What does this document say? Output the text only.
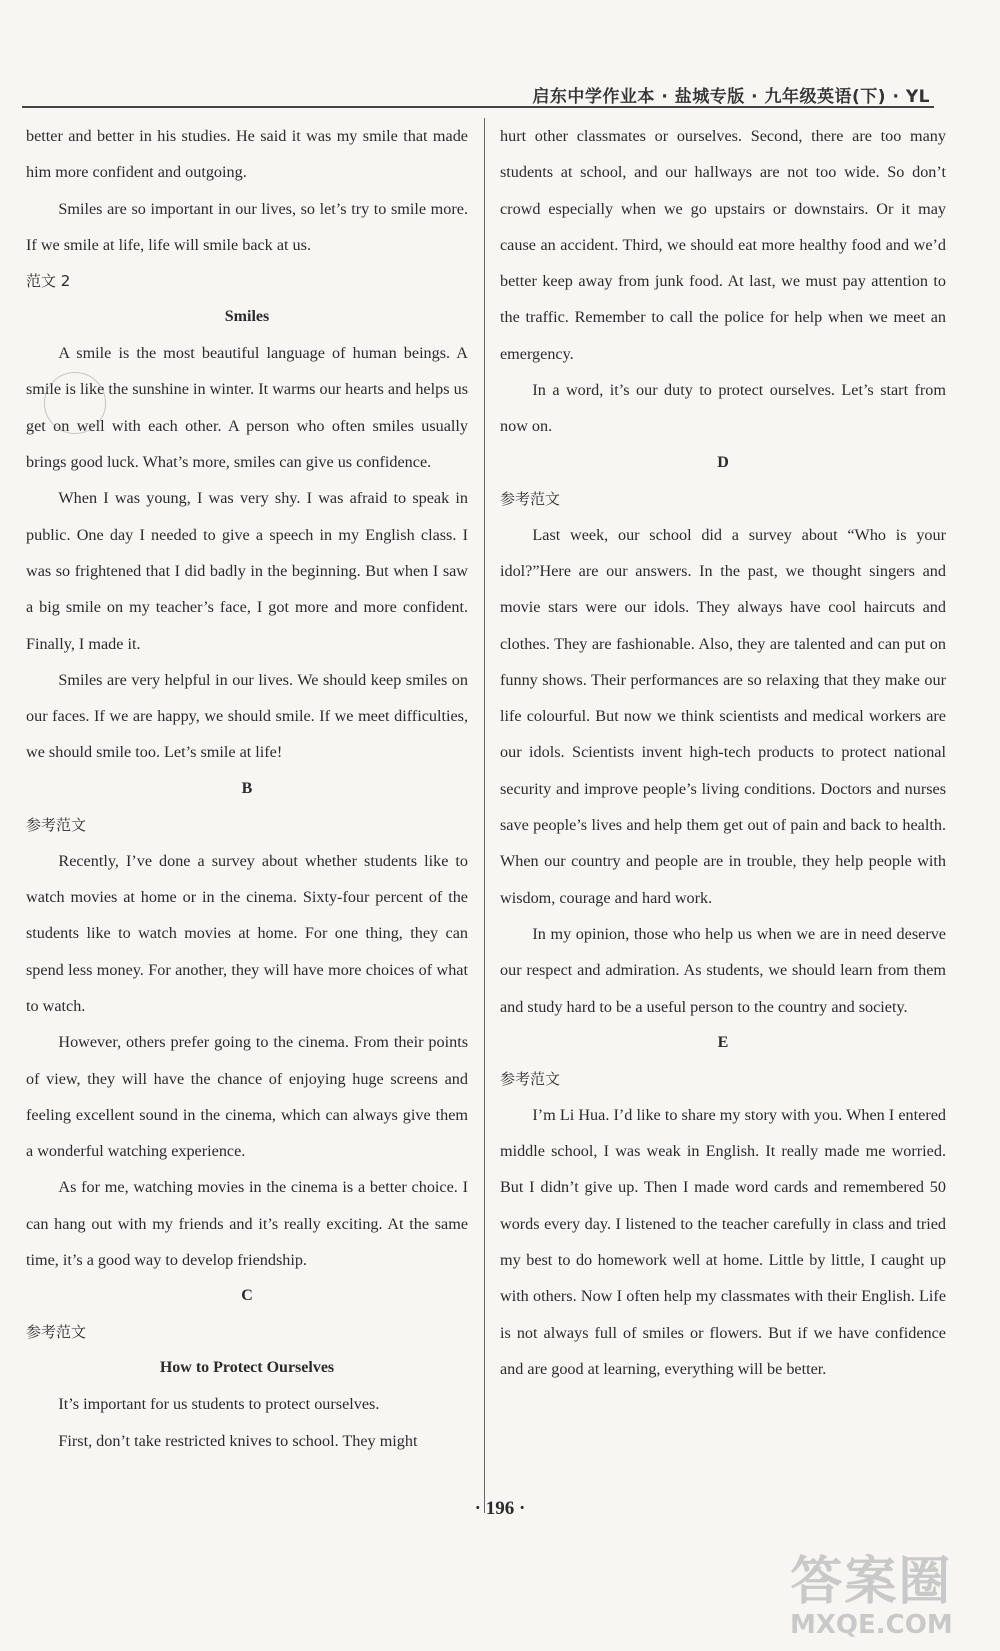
启东中学作业本 · 盐城专版 · 九年级英语(下) · YL

better and better in his studies. He said it was my smile that made him more confident and outgoing.

Smiles are so important in our lives, so let’s try to smile more. If we smile at life, life will smile back at us.

范文 2
Smiles

A smile is the most beautiful language of human beings. A smile is like the sunshine in winter. It warms our hearts and helps us get on well with each other. A person who often smiles usually brings good luck. What’s more, smiles can give us confidence.

When I was young, I was very shy. I was afraid to speak in public. One day I needed to give a speech in my English class. I was so frightened that I did badly in the beginning. But when I saw a big smile on my teacher’s face, I got more and more confident. Finally, I made it.

Smiles are very helpful in our lives. We should keep smiles on our faces. If we are happy, we should smile. If we meet difficulties, we should smile too. Let’s smile at life!

B
参考范文

Recently, I’ve done a survey about whether students like to watch movies at home or in the cinema. Sixty-four percent of the students like to watch movies at home. For one thing, they can spend less money. For another, they will have more choices of what to watch.

However, others prefer going to the cinema. From their points of view, they will have the chance of enjoying huge screens and feeling excellent sound in the cinema, which can always give them a wonderful watching experience.

As for me, watching movies in the cinema is a better choice. I can hang out with my friends and it’s really exciting. At the same time, it’s a good way to develop friendship.

C
参考范文
How to Protect Ourselves

It’s important for us students to protect ourselves.

First, don’t take restricted knives to school. They might

hurt other classmates or ourselves. Second, there are too many students at school, and our hallways are not too wide. So don’t crowd especially when we go upstairs or downstairs. Or it may cause an accident. Third, we should eat more healthy food and we’d better keep away from junk food. At last, we must pay attention to the traffic. Remember to call the police for help when we meet an emergency.

In a word, it’s our duty to protect ourselves. Let’s start from now on.

D
参考范文

Last week, our school did a survey about “Who is your idol?”Here are our answers. In the past, we thought singers and movie stars were our idols. They always have cool haircuts and clothes. They are fashionable. Also, they are talented and can put on funny shows. Their performances are so relaxing that they make our life colourful. But now we think scientists and medical workers are our idols. Scientists invent high-tech products to protect national security and improve people’s living conditions. Doctors and nurses save people’s lives and help them get out of pain and back to health. When our country and people are in trouble, they help people with wisdom, courage and hard work.

In my opinion, those who help us when we are in need deserve our respect and admiration. As students, we should learn from them and study hard to be a useful person to the country and society.

E
参考范文

I’m Li Hua. I’d like to share my story with you. When I entered middle school, I was weak in English. It really made me worried. But I didn’t give up. Then I made word cards and remembered 50 words every day. I listened to the teacher carefully in class and tried my best to do homework well at home. Little by little, I caught up with others. Now I often help my classmates with their English. Life is not always full of smiles or flowers. But if we have confidence and are good at learning, everything will be better.

· 196 ·
答案圈
MXQE.COM
